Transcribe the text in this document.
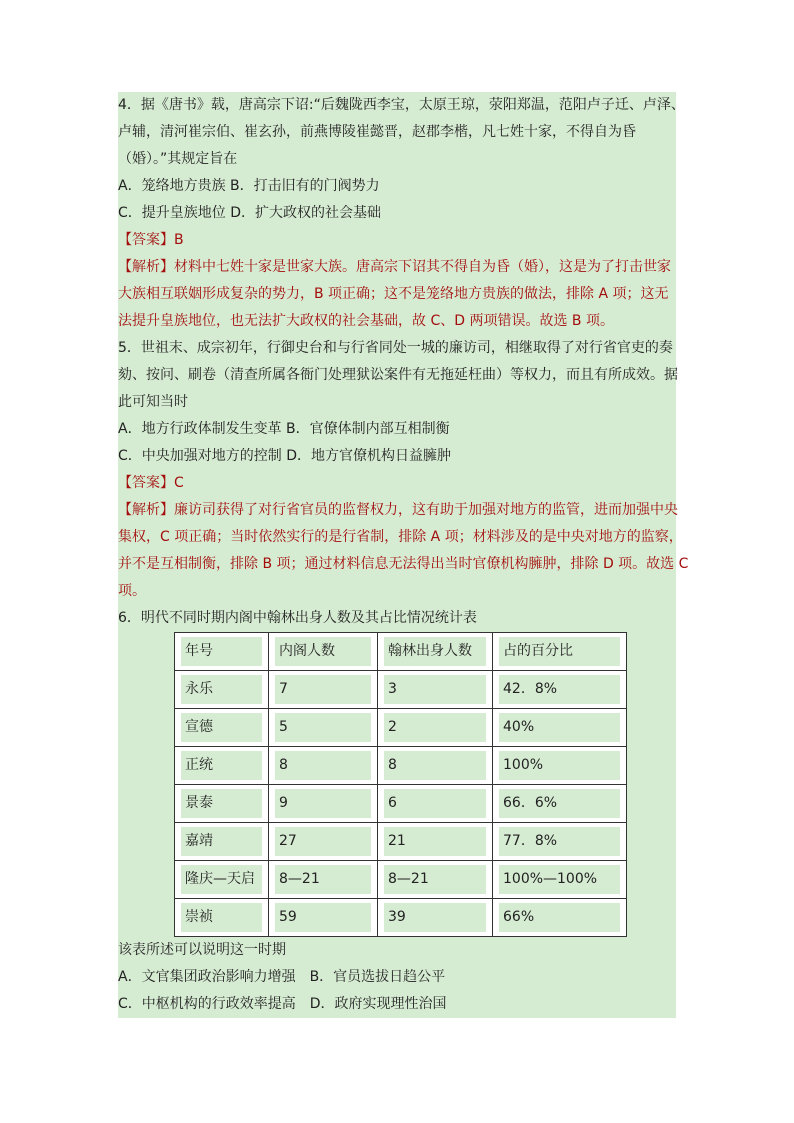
4．据《唐书》载，唐高宗下诏:“后魏陇西李宝，太原王琼，荥阳郑温，范阳卢子迁、卢泽、
卢辅，清河崔宗伯、崔玄孙，前燕博陵崔懿晋，赵郡李楷，凡七姓十家，不得自为昏
（婚）。”其规定旨在
A．笼络地方贵族 B．打击旧有的门阀势力
C．提升皇族地位 D．扩大政权的社会基础
【答案】B
【解析】材料中七姓十家是世家大族。唐高宗下诏其不得自为昏（婚），这是为了打击世家
大族相互联姻形成复杂的势力，B 项正确；这不是笼络地方贵族的做法，排除 A 项；这无
法提升皇族地位，也无法扩大政权的社会基础，故 C、D 两项错误。故选 B 项。
5．世祖末、成宗初年，行御史台和与行省同处一城的廉访司，相继取得了对行省官吏的奏
劾、按问、刷卷（清查所属各衙门处理狱讼案件有无拖延枉曲）等权力，而且有所成效。据
此可知当时
A．地方行政体制发生变革 B．官僚体制内部互相制衡
C．中央加强对地方的控制 D．地方官僚机构日益臃肿
【答案】C
【解析】廉访司获得了对行省官员的监督权力，这有助于加强对地方的监管，进而加强中央
集权，C 项正确；当时依然实行的是行省制，排除 A 项；材料涉及的是中央对地方的监察，
并不是互相制衡，排除 B 项；通过材料信息无法得出当时官僚机构臃肿，排除 D 项。故选 C
项。
6．明代不同时期内阁中翰林出身人数及其占比情况统计表
年号	内阁人数	翰林出身人数	占的百分比

永乐	7	3	42．8%

宣德	5	2	40%

正统	8	8	100%

景泰	9	6	66．6%

嘉靖	27	21	77．8%

隆庆—天启	8—21	8—21	100%—100%

崇祯	59	39	66%
该表所述可以说明这一时期
A．文官集团政治影响力增强 B．官员选拔日趋公平
C．中枢机构的行政效率提高 D．政府实现理性治国
